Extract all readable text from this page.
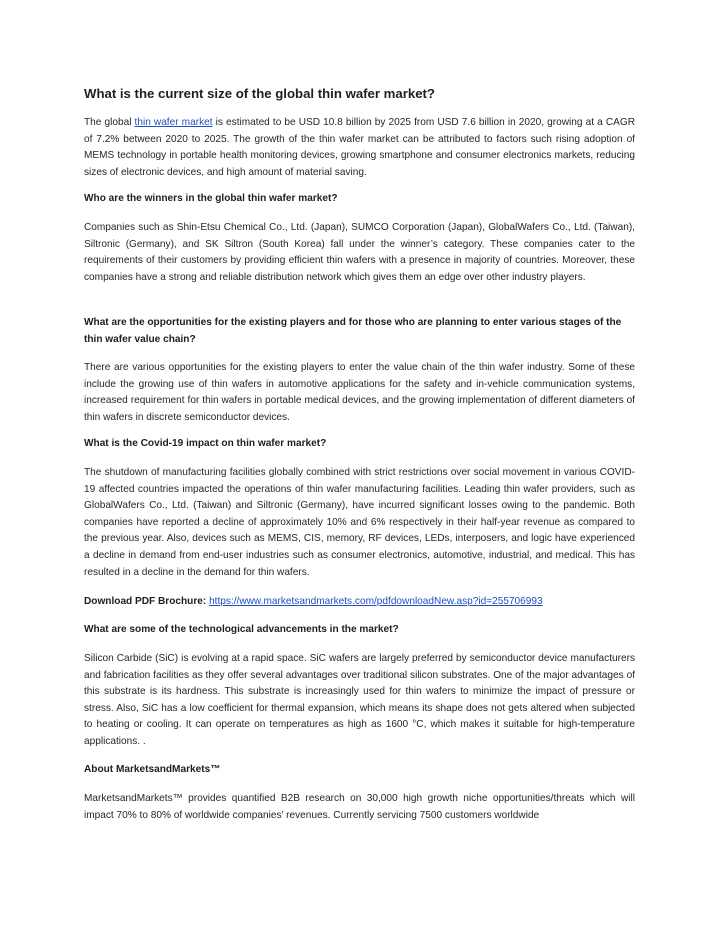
What is the current size of the global thin wafer market?

The global thin wafer market is estimated to be USD 10.8 billion by 2025 from USD 7.6 billion in 2020, growing at a CAGR of 7.2% between 2020 to 2025. The growth of the thin wafer market can be attributed to factors such rising adoption of MEMS technology in portable health monitoring devices, growing smartphone and consumer electronics markets, reducing sizes of electronic devices, and high amount of material saving.

Who are the winners in the global thin wafer market?

Companies such as Shin-Etsu Chemical Co., Ltd. (Japan), SUMCO Corporation (Japan), GlobalWafers Co., Ltd. (Taiwan), Siltronic (Germany), and SK Siltron (South Korea) fall under the winner’s category. These companies cater to the requirements of their customers by providing efficient thin wafers with a presence in majority of countries. Moreover, these companies have a strong and reliable distribution network which gives them an edge over other industry players.

What are the opportunities for the existing players and for those who are planning to enter various stages of the thin wafer value chain?

There are various opportunities for the existing players to enter the value chain of the thin wafer industry. Some of these include the growing use of thin wafers in automotive applications for the safety and in-vehicle communication systems, increased requirement for thin wafers in portable medical devices, and the growing implementation of different diameters of thin wafers in discrete semiconductor devices.

What is the Covid-19 impact on thin wafer market?

The shutdown of manufacturing facilities globally combined with strict restrictions over social movement in various COVID-19 affected countries impacted the operations of thin wafer manufacturing facilities. Leading thin wafer providers, such as GlobalWafers Co., Ltd. (Taiwan) and Siltronic (Germany), have incurred significant losses owing to the pandemic. Both companies have reported a decline of approximately 10% and 6% respectively in their half-year revenue as compared to the previous year. Also, devices such as MEMS, CIS, memory, RF devices, LEDs, interposers, and logic have experienced a decline in demand from end-user industries such as consumer electronics, automotive, industrial, and medical. This has resulted in a decline in the demand for thin wafers.

Download PDF Brochure: https://www.marketsandmarkets.com/pdfdownloadNew.asp?id=255706993

What are some of the technological advancements in the market?

Silicon Carbide (SiC) is evolving at a rapid space. SiC wafers are largely preferred by semiconductor device manufacturers and fabrication facilities as they offer several advantages over traditional silicon substrates. One of the major advantages of this substrate is its hardness. This substrate is increasingly used for thin wafers to minimize the impact of pressure or stress. Also, SiC has a low coefficient for thermal expansion, which means its shape does not gets altered when subjected to heating or cooling. It can operate on temperatures as high as 1600 °C, which makes it suitable for high-temperature applications. .

About MarketsandMarkets™

MarketsandMarkets™ provides quantified B2B research on 30,000 high growth niche opportunities/threats which will impact 70% to 80% of worldwide companies’ revenues. Currently servicing 7500 customers worldwide
